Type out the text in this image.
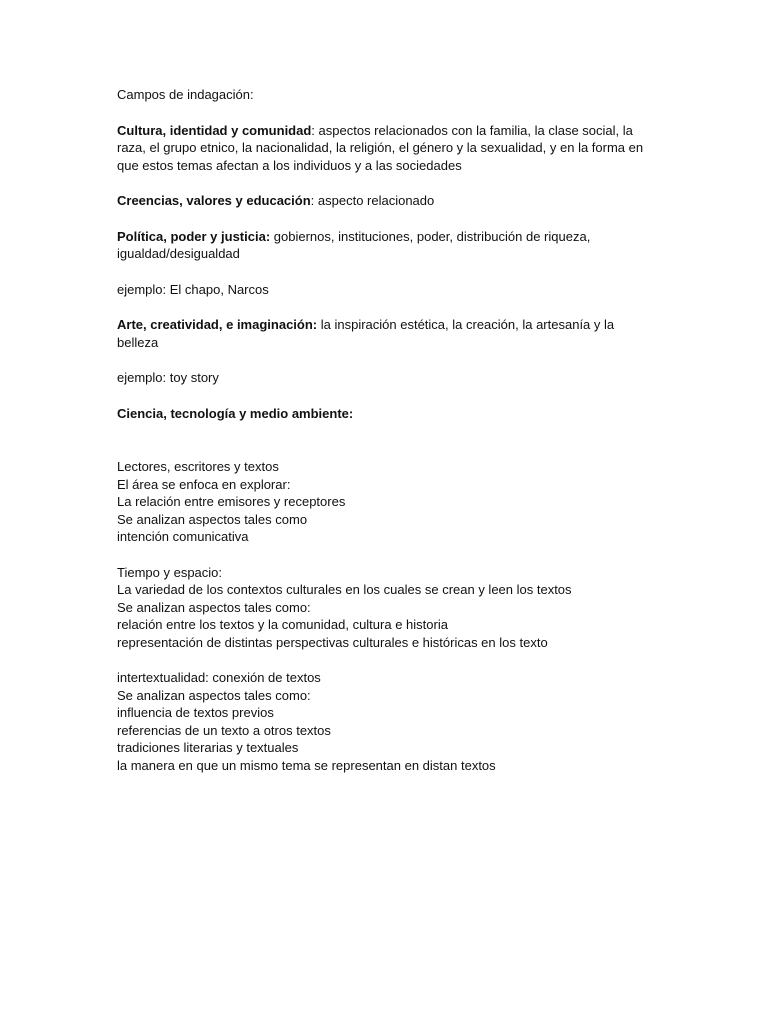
Campos de indagación:

Cultura, identidad y comunidad: aspectos relacionados con la familia, la clase social, la raza, el grupo etnico, la nacionalidad, la religión, el género y la sexualidad, y en la forma en que estos temas afectan a los individuos y a las sociedades

Creencias, valores y educación: aspecto relacionado

Política, poder y justicia: gobiernos, instituciones, poder, distribución de riqueza, igualdad/desigualdad

ejemplo: El chapo, Narcos

Arte, creatividad, e imaginación: la inspiración estética, la creación, la artesanía y la belleza

ejemplo: toy story

Ciencia, tecnología y medio ambiente:

Lectores, escritores y textos
El área se enfoca en explorar:
La relación entre emisores y receptores
Se analizan aspectos tales como
intención comunicativa
Tiempo y espacio:
La variedad de los contextos culturales en los cuales se crean y leen los textos
Se analizan aspectos tales como:
relación entre los textos y la comunidad, cultura e historia
representación de distintas perspectivas culturales e históricas en los texto
intertextualidad: conexión de textos
Se analizan aspectos tales como:
influencia de textos previos
referencias de un texto a otros textos
tradiciones literarias y textuales
la manera en que un mismo tema se representan en distan textos
